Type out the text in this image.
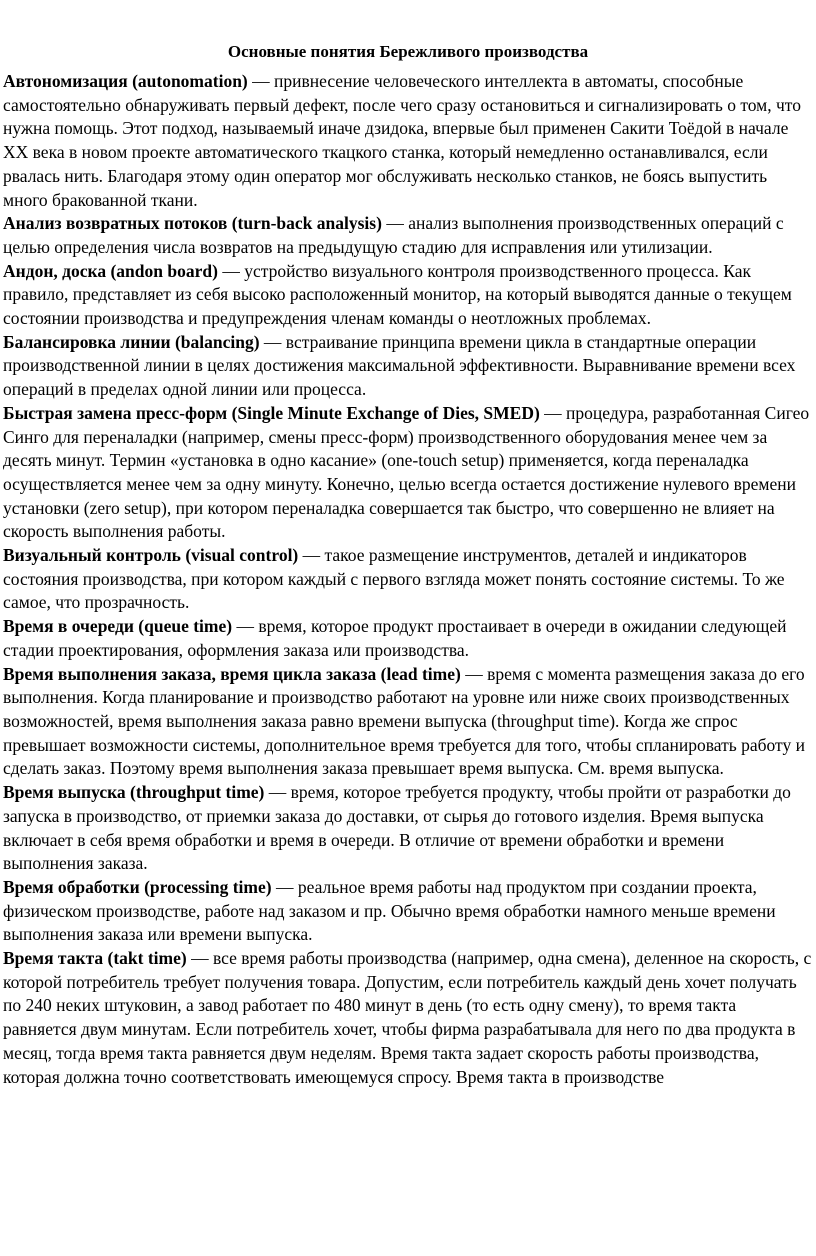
Основные понятия Бережливого производства

Автономизация (autonomation) — привнесение человеческого интеллекта в автоматы, способные самостоятельно обнаруживать первый дефект, после чего сразу остановиться и сигнализировать о том, что нужна помощь. Этот подход, называемый иначе дзидока, впервые был применен Сакити Тоёдой в начале XX века в новом проекте автоматического ткацкого станка, который немедленно останавливался, если рвалась нить. Благодаря этому один оператор мог обслуживать несколько станков, не боясь выпустить много бракованной ткани.

Анализ возвратных потоков (turn-back analysis) — анализ выполнения производственных операций с целью определения числа возвратов на предыдущую стадию для исправления или утилизации.

Андон, доска (andon board) — устройство визуального контроля производственного процесса. Как правило, представляет из себя высоко расположенный монитор, на который выводятся данные о текущем состоянии производства и предупреждения членам команды о неотложных проблемах.

Балансировка линии (balancing) — встраивание принципа времени цикла в стандартные операции производственной линии в целях достижения максимальной эффективности. Выравнивание времени всех операций в пределах одной линии или процесса.

Быстрая замена пресс-форм (Single Minute Exchange of Dies, SMED) — процедура, разработанная Сигео Синго для переналадки (например, смены пресс-форм) производственного оборудования менее чем за десять минут. Термин «установка в одно касание» (one-touch setup) применяется, когда переналадка осуществляется менее чем за одну минуту. Конечно, целью всегда остается достижение нулевого времени установки (zero setup), при котором переналадка совершается так быстро, что совершенно не влияет на скорость выполнения работы.

Визуальный контроль (visual control) — такое размещение инструментов, деталей и индикаторов состояния производства, при котором каждый с первого взгляда может понять состояние системы. То же самое, что прозрачность.

Время в очереди (queue time) — время, которое продукт простаивает в очереди в ожидании следующей стадии проектирования, оформления заказа или производства.

Время выполнения заказа, время цикла заказа (lead time) — время с момента размещения заказа до его выполнения. Когда планирование и производство работают на уровне или ниже своих производственных возможностей, время выполнения заказа равно времени выпуска (throughput time). Когда же спрос превышает возможности системы, дополнительное время требуется для того, чтобы спланировать работу и сделать заказ. Поэтому время выполнения заказа превышает время выпуска. См. время выпуска.

Время выпуска (throughput time) — время, которое требуется продукту, чтобы пройти от разработки до запуска в производство, от приемки заказа до доставки, от сырья до готового изделия. Время выпуска включает в себя время обработки и время в очереди. В отличие от времени обработки и времени выполнения заказа.

Время обработки (processing time) — реальное время работы над продуктом при создании проекта, физическом производстве, работе над заказом и пр. Обычно время обработки намного меньше времени выполнения заказа или времени выпуска.

Время такта (takt time) — все время работы производства (например, одна смена), деленное на скорость, с которой потребитель требует получения товара. Допустим, если потребитель каждый день хочет получать по 240 неких штуковин, а завод работает по 480 минут в день (то есть одну смену), то время такта равняется двум минутам. Если потребитель хочет, чтобы фирма разрабатывала для него по два продукта в месяц, тогда время такта равняется двум неделям. Время такта задает скорость работы производства, которая должна точно соответствовать имеющемуся спросу. Время такта в производстве
